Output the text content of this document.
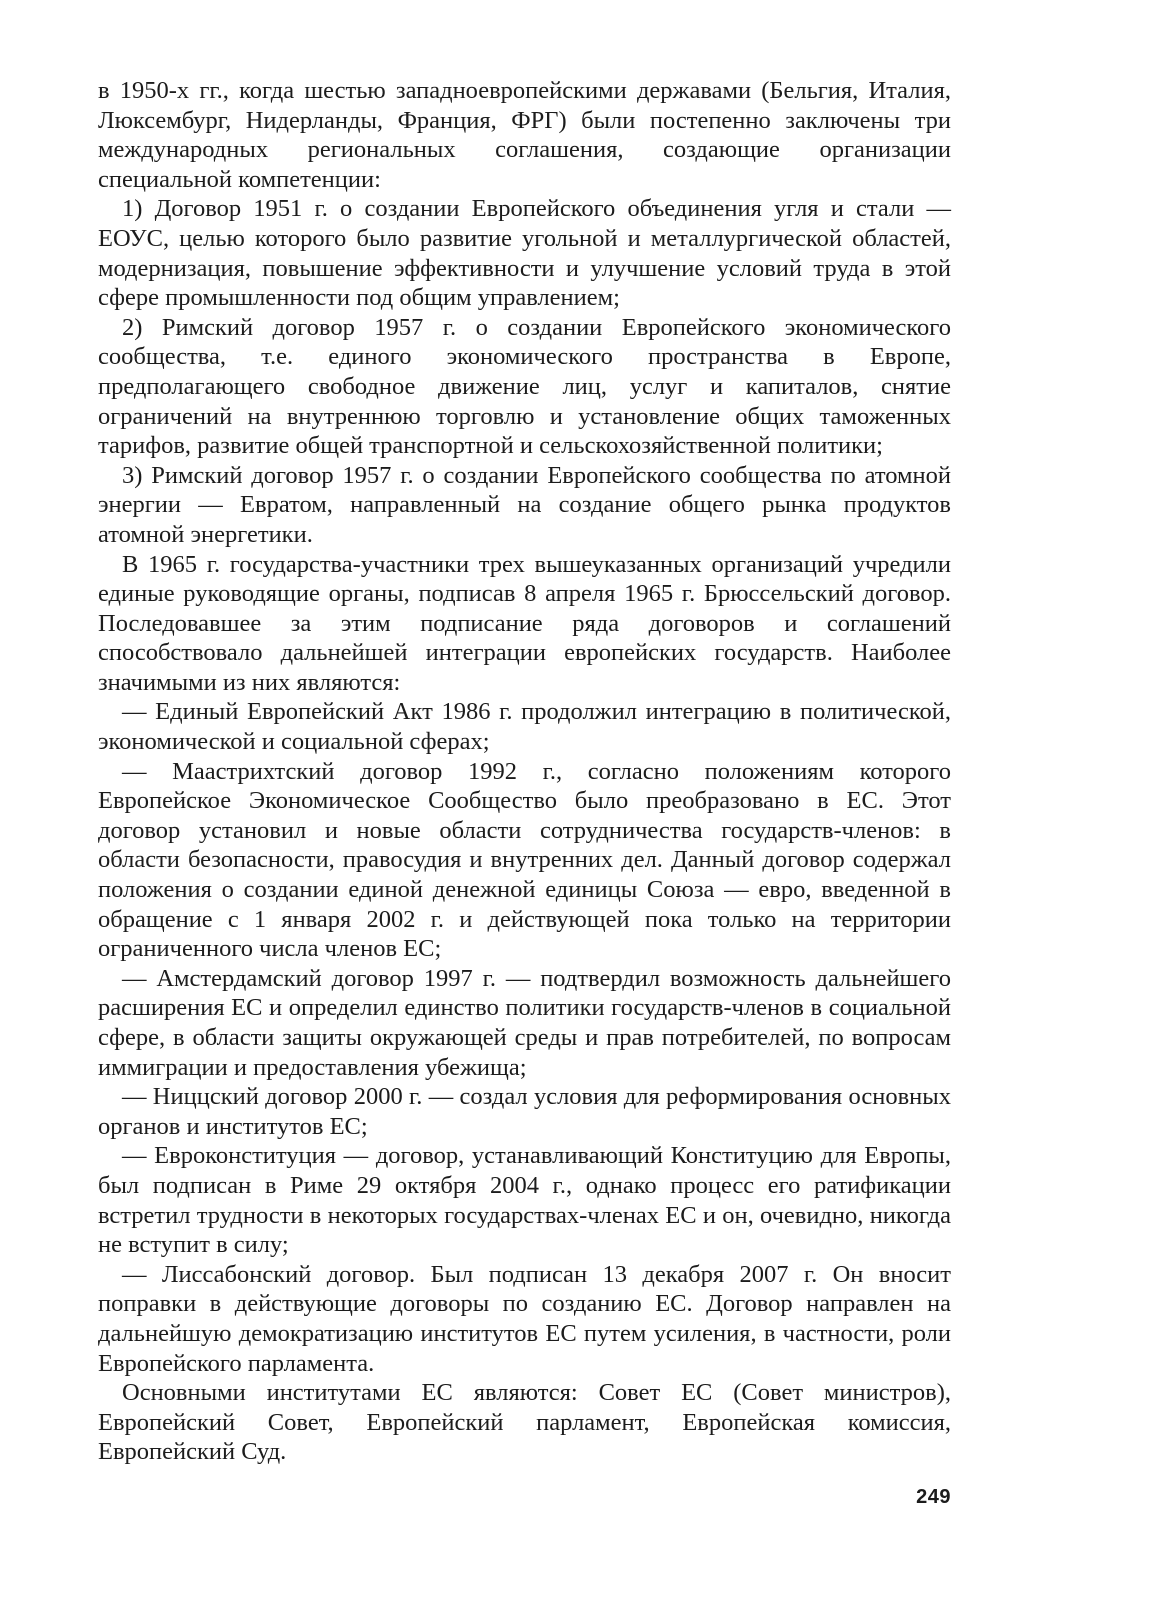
в 1950-х гг., когда шестью западноевропейскими державами (Бельгия, Италия, Люксембург, Нидерланды, Франция, ФРГ) были постепенно заключены три международных региональных соглашения, создающие организации специальной компетенции:

1) Договор 1951 г. о создании Европейского объединения угля и стали — ЕОУС, целью которого было развитие угольной и металлургической областей, модернизация, повышение эффективности и улучшение условий труда в этой сфере промышленности под общим управлением;

2) Римский договор 1957 г. о создании Европейского экономического сообщества, т.е. единого экономического пространства в Европе, предполагающего свободное движение лиц, услуг и капиталов, снятие ограничений на внутреннюю торговлю и установление общих таможенных тарифов, развитие общей транспортной и сельскохозяйственной политики;

3) Римский договор 1957 г. о создании Европейского сообщества по атомной энергии — Евратом, направленный на создание общего рынка продуктов атомной энергетики.

В 1965 г. государства-участники трех вышеуказанных организаций учредили единые руководящие органы, подписав 8 апреля 1965 г. Брюссельский договор. Последовавшее за этим подписание ряда договоров и соглашений способствовало дальнейшей интеграции европейских государств. Наиболее значимыми из них являются:

— Единый Европейский Акт 1986 г. продолжил интеграцию в политической, экономической и социальной сферах;

— Маастрихтский договор 1992 г., согласно положениям которого Европейское Экономическое Сообщество было преобразовано в ЕС. Этот договор установил и новые области сотрудничества государств-членов: в области безопасности, правосудия и внутренних дел. Данный договор содержал положения о создании единой денежной единицы Союза — евро, введенной в обращение с 1 января 2002 г. и действующей пока только на территории ограниченного числа членов ЕС;

— Амстердамский договор 1997 г. — подтвердил возможность дальнейшего расширения ЕС и определил единство политики государств-членов в социальной сфере, в области защиты окружающей среды и прав потребителей, по вопросам иммиграции и предоставления убежища;

— Ниццский договор 2000 г. — создал условия для реформирования основных органов и институтов ЕС;

— Евроконституция — договор, устанавливающий Конституцию для Европы, был подписан в Риме 29 октября 2004 г., однако процесс его ратификации встретил трудности в некоторых государствах-членах ЕС и он, очевидно, никогда не вступит в силу;

— Лиссабонский договор. Был подписан 13 декабря 2007 г. Он вносит поправки в действующие договоры по созданию ЕС. Договор направлен на дальнейшую демократизацию институтов ЕС путем усиления, в частности, роли Европейского парламента.

Основными институтами ЕС являются: Совет ЕС (Совет министров), Европейский Совет, Европейский парламент, Европейская комиссия, Европейский Суд.

249
